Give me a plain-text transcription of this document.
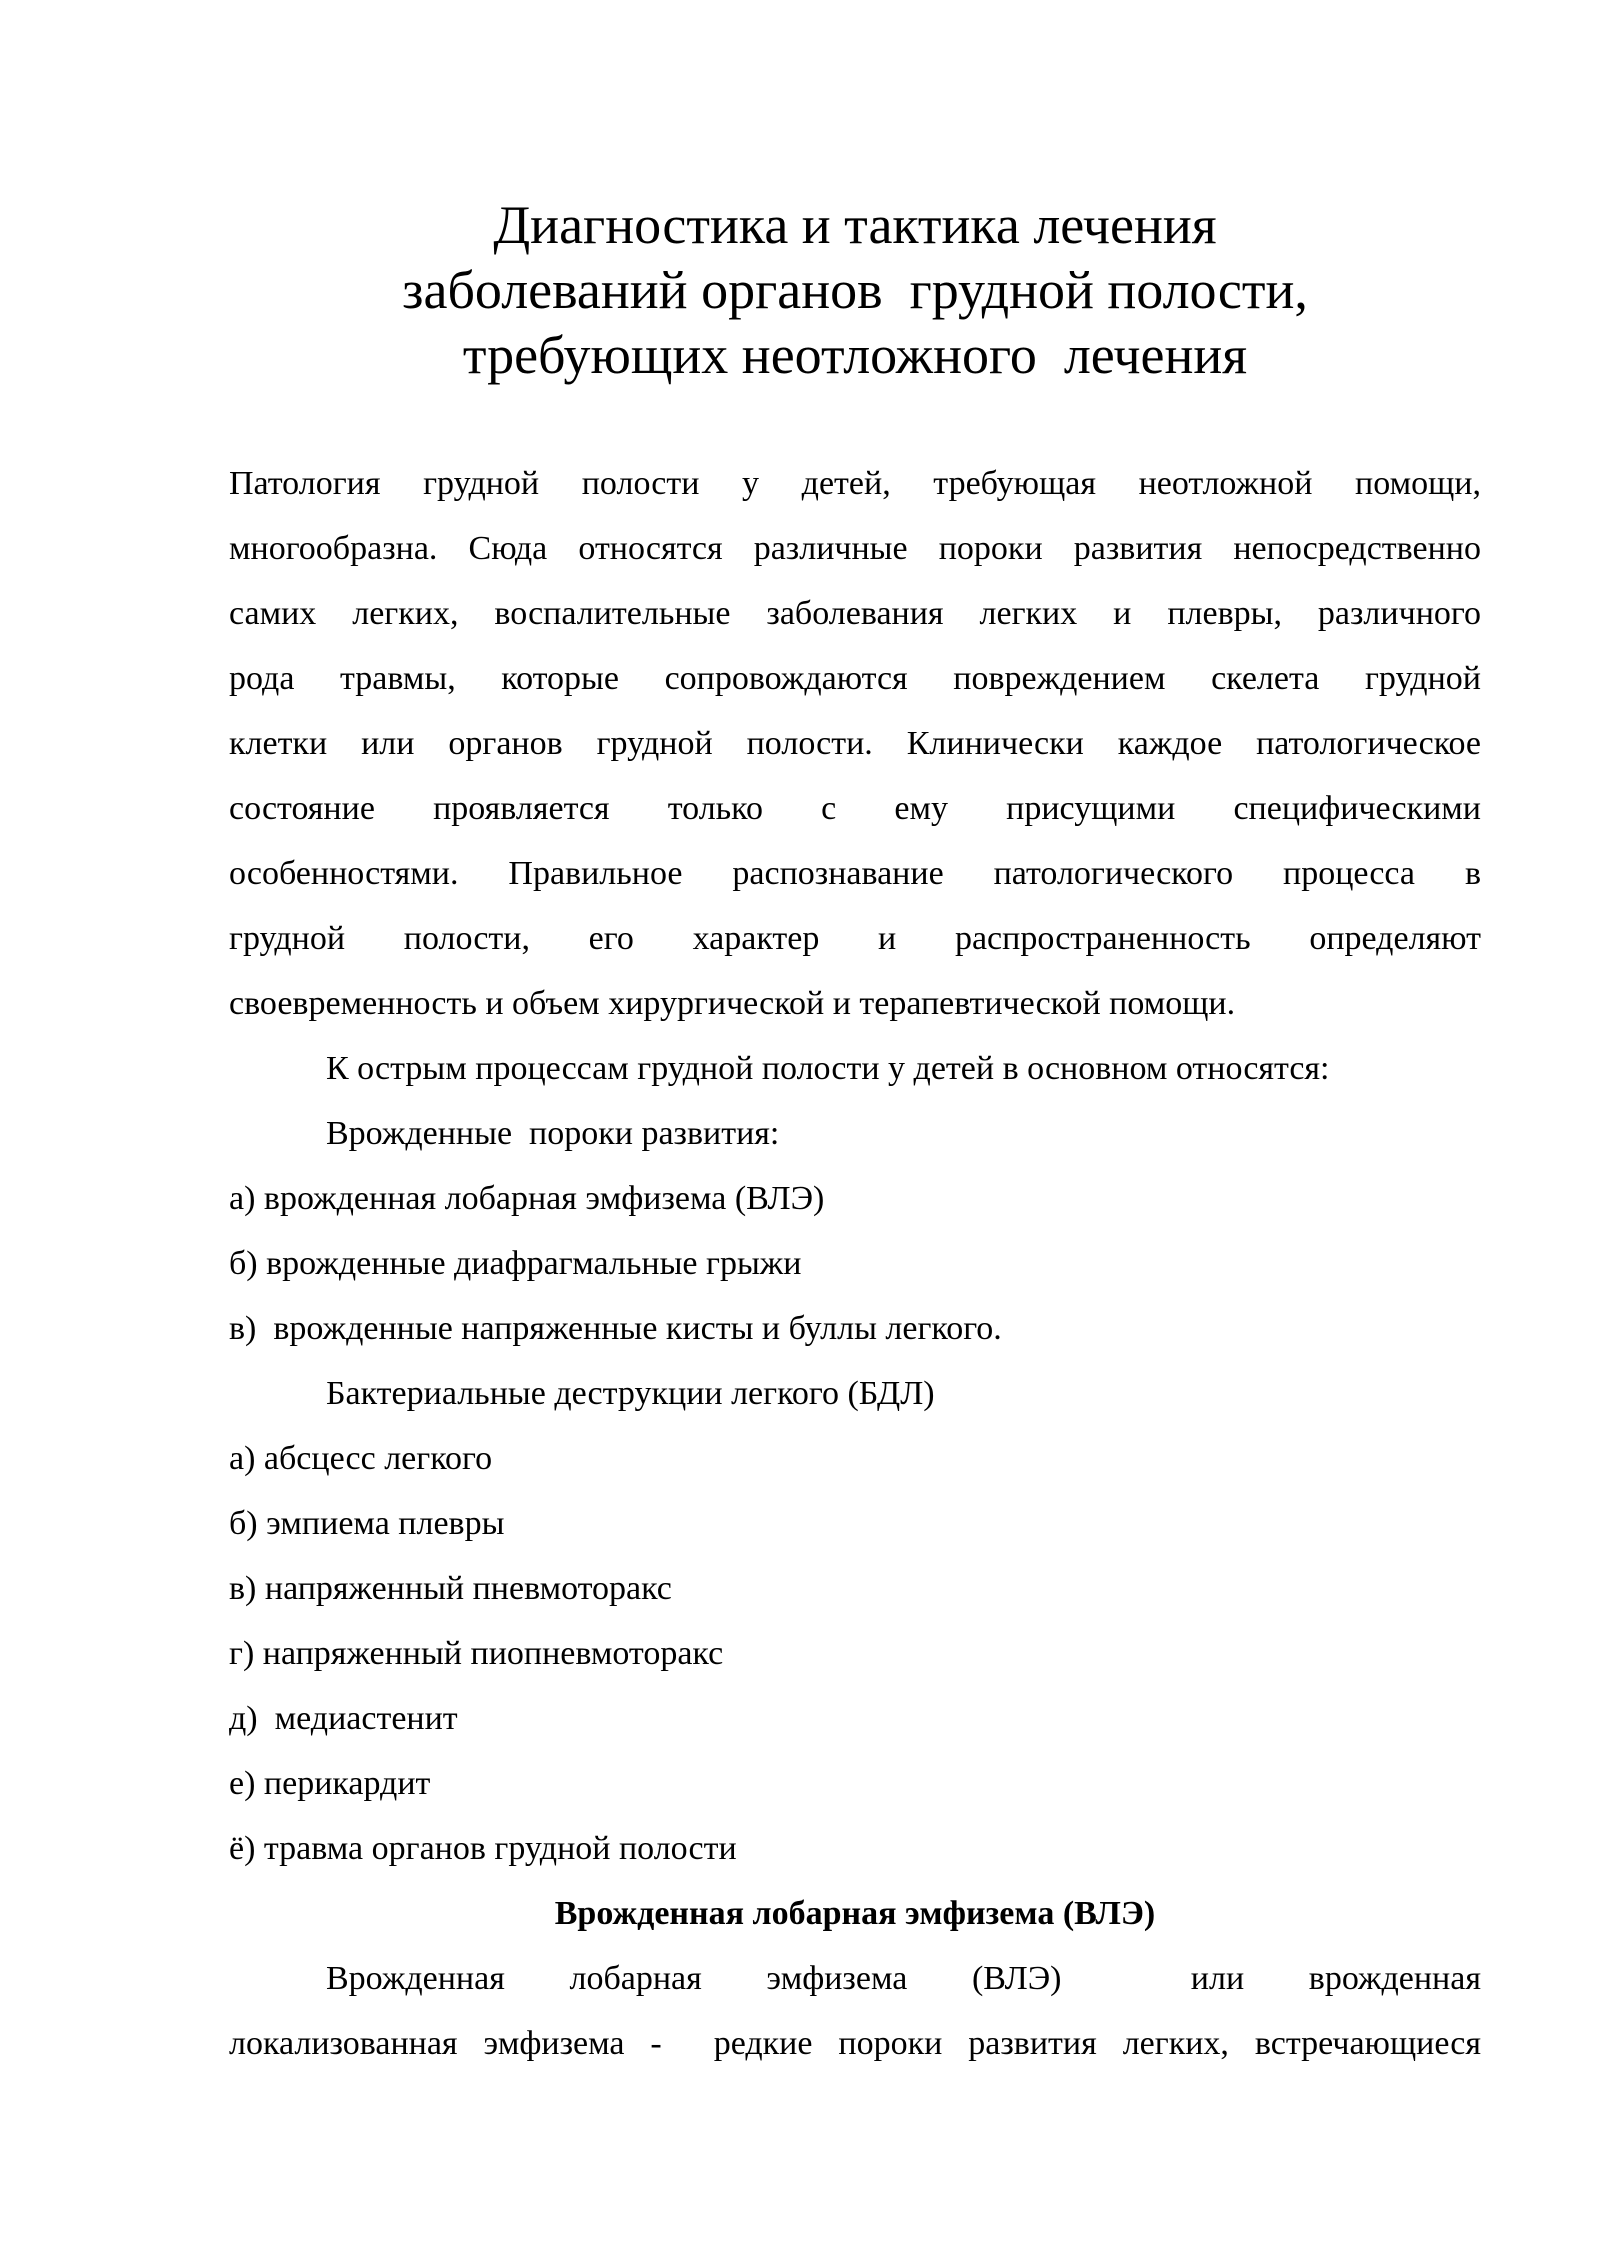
Диагностика и тактика лечения
заболеваний органов  грудной полости,
требующих неотложного  лечения
Патология грудной полости у детей, требующая неотложной помощи,
многообразна. Сюда относятся различные пороки развития непосредственно
самих легких, воспалительные заболевания легких и плевры, различного
рода травмы, которые сопровождаются повреждением скелета грудной
клетки или органов грудной полости. Клинически каждое патологическое
состояние проявляется только с ему присущими специфическими
особенностями. Правильное распознавание патологического процесса в
грудной полости, его характер и распространенность определяют
своевременность и объем хирургической и терапевтической помощи.
К острым процессам грудной полости у детей в основном относятся:
Врожденные  пороки развития:
а) врожденная лобарная эмфизема (ВЛЭ)
б) врожденные диафрагмальные грыжи
в)  врожденные напряженные кисты и буллы легкого.
Бактериальные деструкции легкого (БДЛ)
а) абсцесс легкого
б) эмпиема плевры
в) напряженный пневмоторакс
г) напряженный пиопневмоторакс
д)  медиастенит
е) перикардит
ё) травма органов грудной полости
Врожденная лобарная эмфизема (ВЛЭ)
Врожденная лобарная эмфизема (ВЛЭ)  или врожденная
локализованная эмфизема -  редкие пороки развития легких, встречающиеся
